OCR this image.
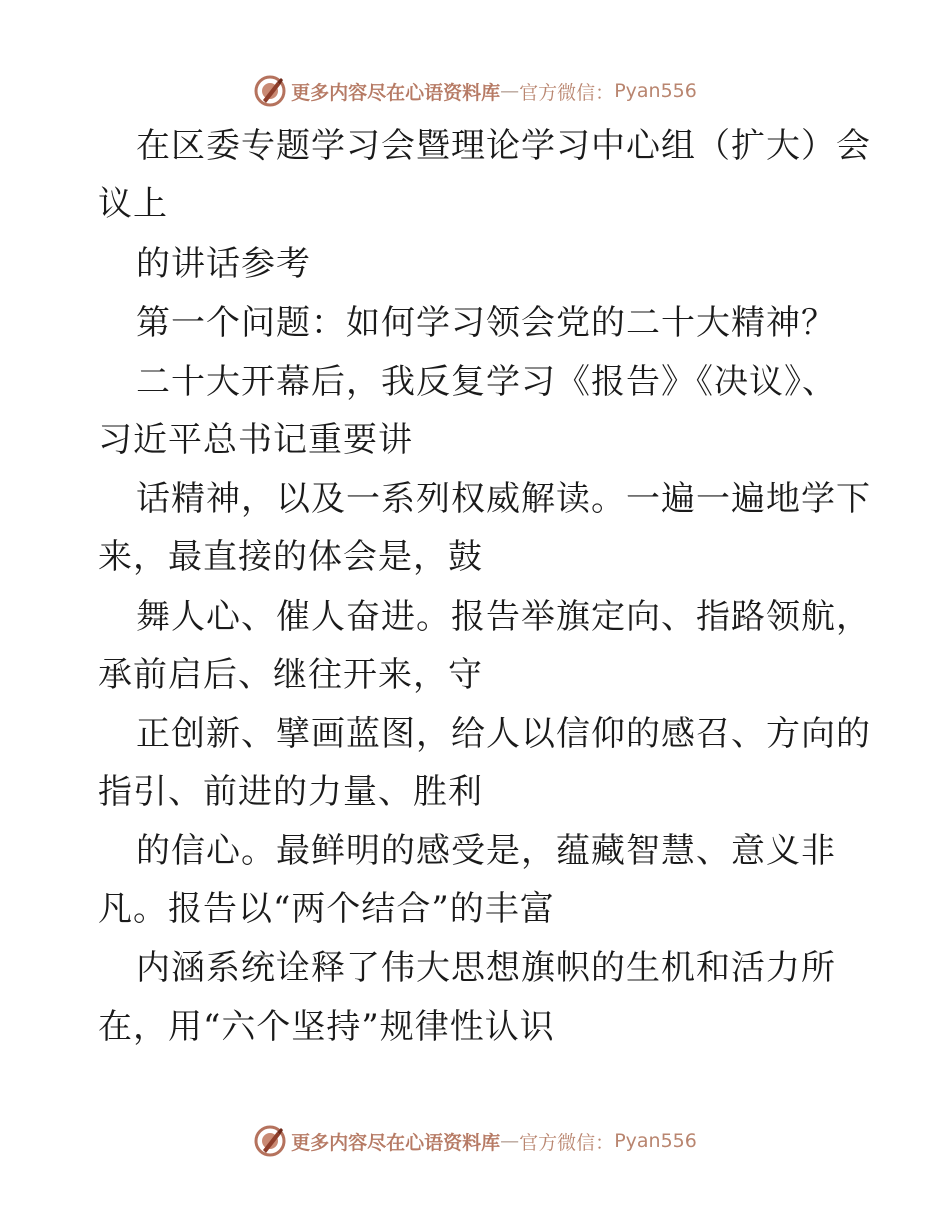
更多内容尽在心语资料库 — 官方微信： Pyan556
在区委专题学习会暨理论学习中心组（扩大）会
议上
的讲话参考
第一个问题：如何学习领会党的二十大精神？
二十大开幕后，我反复学习《报告》《决议》、
习近平总书记重要讲
话精神，以及一系列权威解读。一遍一遍地学下
来，最直接的体会是，鼓
舞人心、催人奋进。报告举旗定向、指路领航，
承前启后、继往开来，守
正创新、擘画蓝图，给人以信仰的感召、方向的
指引、前进的力量、胜利
的信心。最鲜明的感受是，蕴藏智慧、意义非
凡。报告以“两个结合”的丰富
内涵系统诠释了伟大思想旗帜的生机和活力所
在，用“六个坚持”规律性认识
更多内容尽在心语资料库 — 官方微信： Pyan556
